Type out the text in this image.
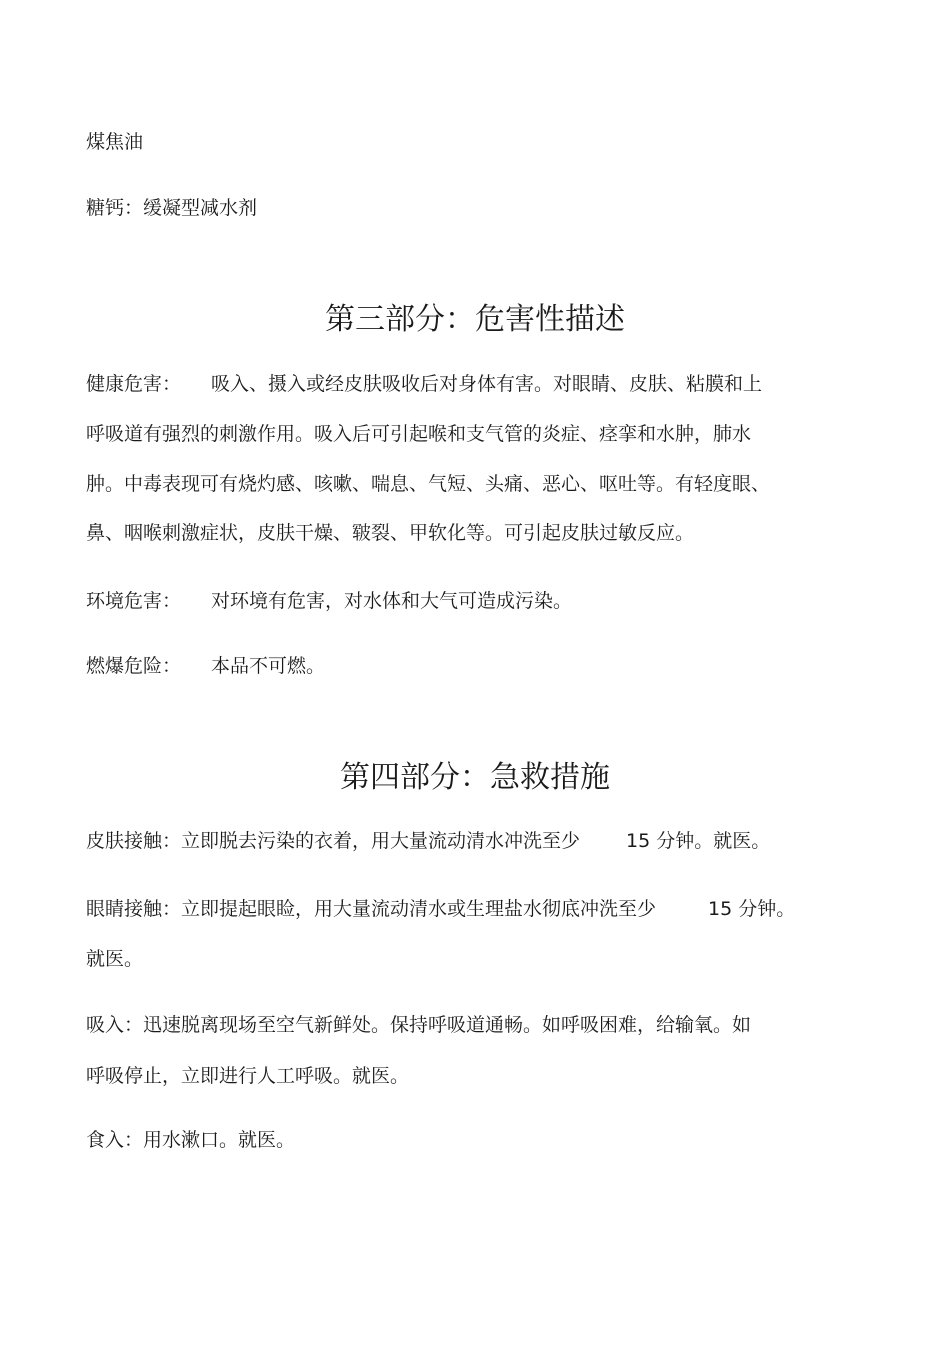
煤焦油
糖钙：缓凝型减水剂
第三部分：危害性描述
健康危害： 吸入、摄入或经皮肤吸收后对身体有害。对眼睛、皮肤、粘膜和上
呼吸道有强烈的刺激作用。吸入后可引起喉和支气管的炎症、痉挛和水肿，肺水
肿。中毒表现可有烧灼感、咳嗽、喘息、气短、头痛、恶心、呕吐等。有轻度眼、
鼻、咽喉刺激症状，皮肤干燥、皲裂、甲软化等。可引起皮肤过敏反应。
环境危害： 对环境有危害，对水体和大气可造成污染。
燃爆危险： 本品不可燃。
第四部分：急救措施
皮肤接触：立即脱去污染的衣着，用大量流动清水冲洗至少 15 分钟。就医。
眼睛接触：立即提起眼睑，用大量流动清水或生理盐水彻底冲洗至少	15 分钟。
就医。
吸入：迅速脱离现场至空气新鲜处。保持呼吸道通畅。如呼吸困难，给输氧。如
呼吸停止，立即进行人工呼吸。就医。
食入：用水漱口。就医。
